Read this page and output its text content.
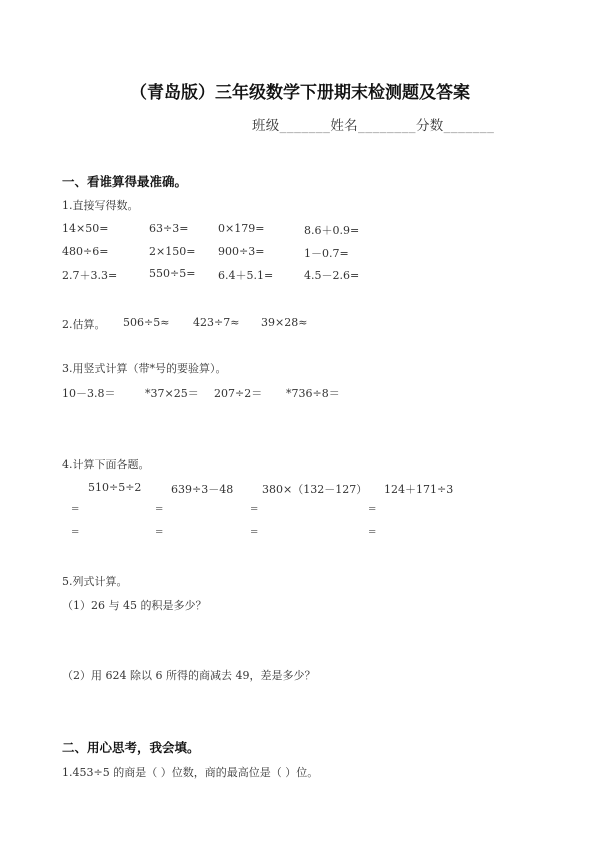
（青岛版）三年级数学下册期末检测题及答案
班级_______姓名________分数_______
一、看谁算得最准确。
1.直接写得数。
14×50=	63÷3=	0×179=	8.6＋0.9=
480÷6=	2×150= 900÷3=	1－0.7=
2.7＋3.3=	550÷5= 6.4＋5.1=	4.5－2.6=
2.估算。 506÷5≈ 423÷7≈ 39×28≈
3.用竖式计算（带*号的要验算）。
10－3.8＝	*37×25＝ 207÷2＝ *736÷8＝
4.计算下面各题。
510÷5÷2	639÷3－48	380×（132－127） 124＋171÷3
=	=	=	=
=	=	=	=
5.列式计算。
（1）26 与 45 的积是多少？
（2）用 624 除以 6 所得的商减去 49，差是多少？
二、用心思考，我会填。
1.453÷5 的商是（ ）位数，商的最高位是（ ）位。
